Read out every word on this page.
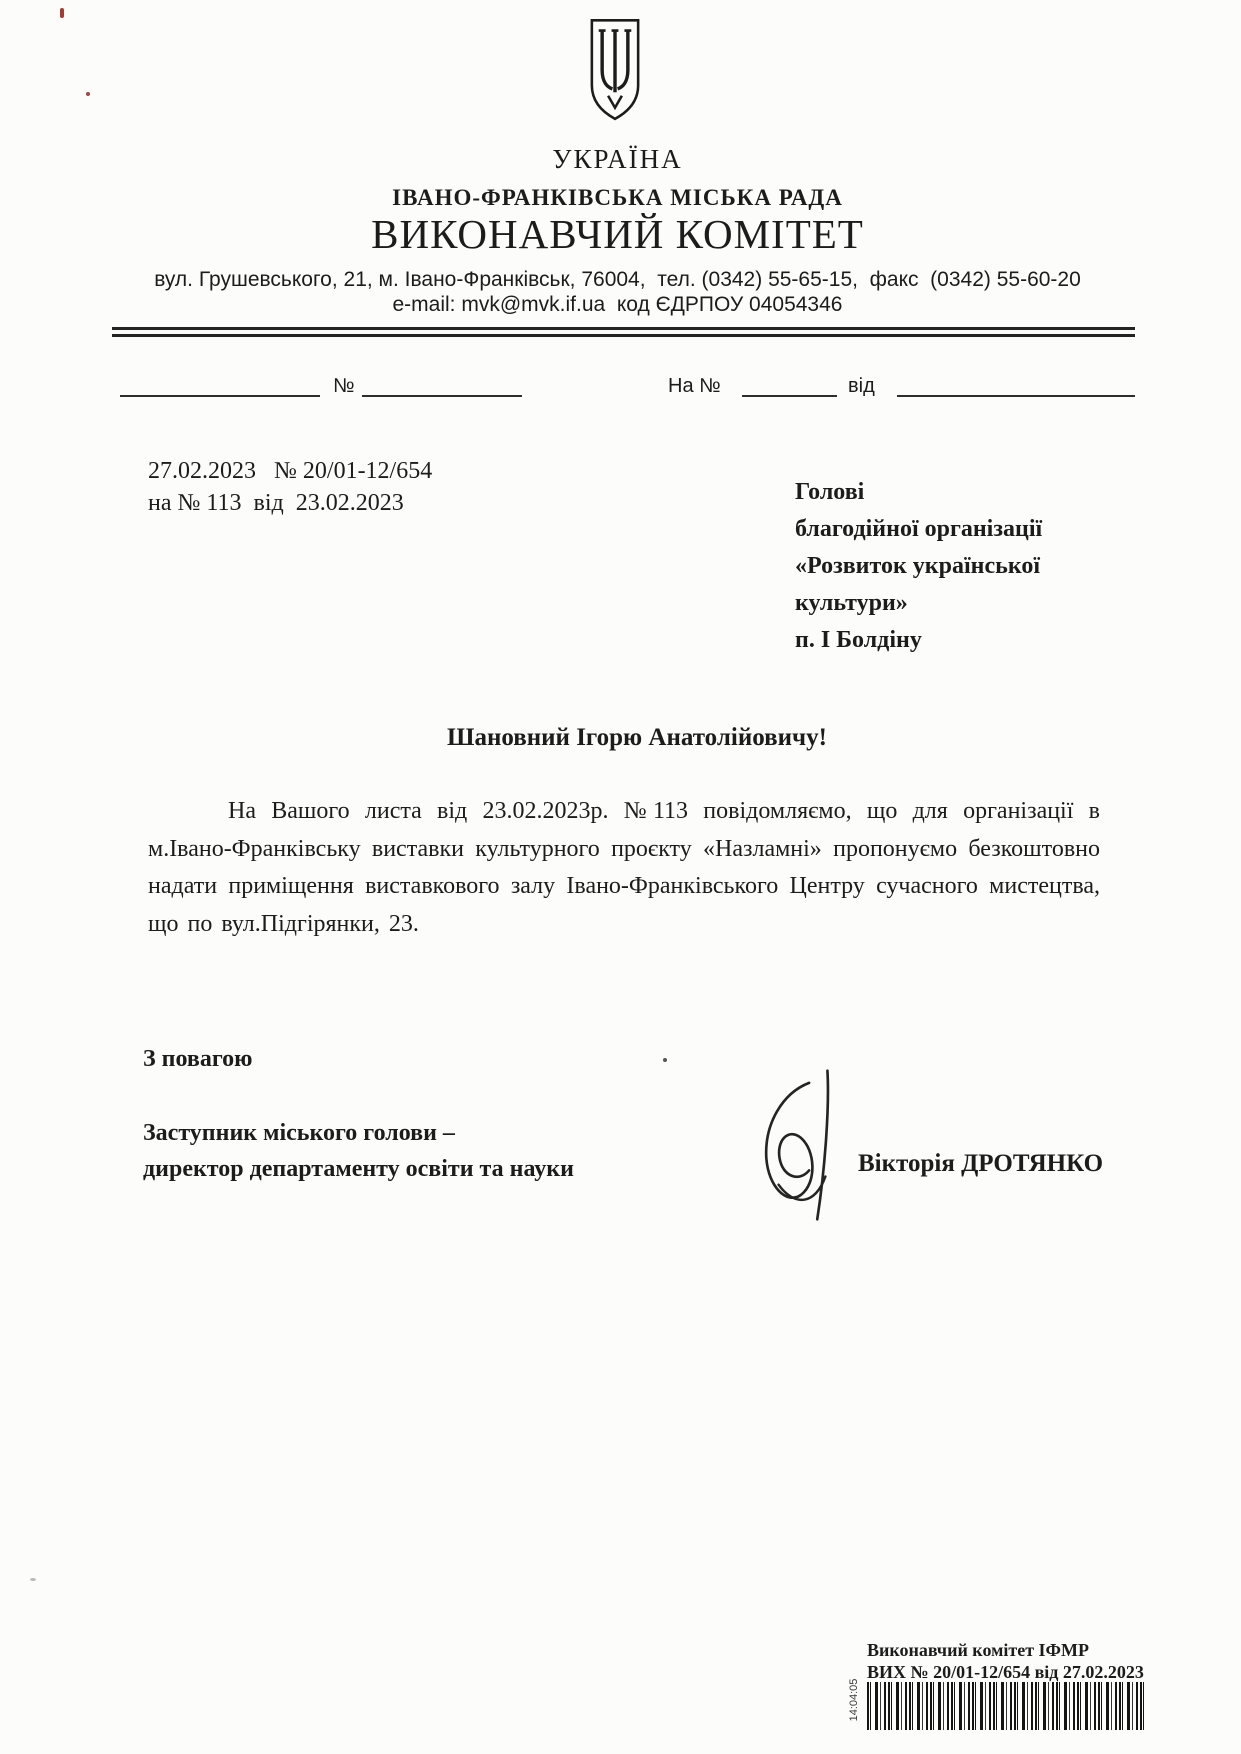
УКРАЇНА
ІВАНО-ФРАНКІВСЬКА МІСЬКА РАДА
ВИКОНАВЧИЙ КОМІТЕТ
вул. Грушевського, 21, м. Івано-Франківськ, 76004,  тел. (0342) 55-65-15,  факс  (0342) 55-60-20
e-mail: mvk@mvk.if.ua  код ЄДРПОУ 04054346
№	На №	від
27.02.2023   № 20/01-12/654
на № 113  від  23.02.2023	Голові
благодійної організації
«Розвиток української
культури»
п. І Болдіну
Шановний Ігорю Анатолійовичу!
На Вашого листа від 23.02.2023р. №113 повідомляємо, що для організації в м.Івано-Франківську виставки культурного проєкту «Назламні» пропонуємо безкоштовно надати приміщення виставкового залу Івано-Франківського Центру сучасного мистецтва, що по вул.Підгірянки, 23.
З повагою
Заступник міського голови –
директор департаменту освіти та науки	Вікторія ДРОТЯНКО
Виконавчий комітет ІФМР
ВИХ № 20/01-12/654 від 27.02.2023
14:04:05
